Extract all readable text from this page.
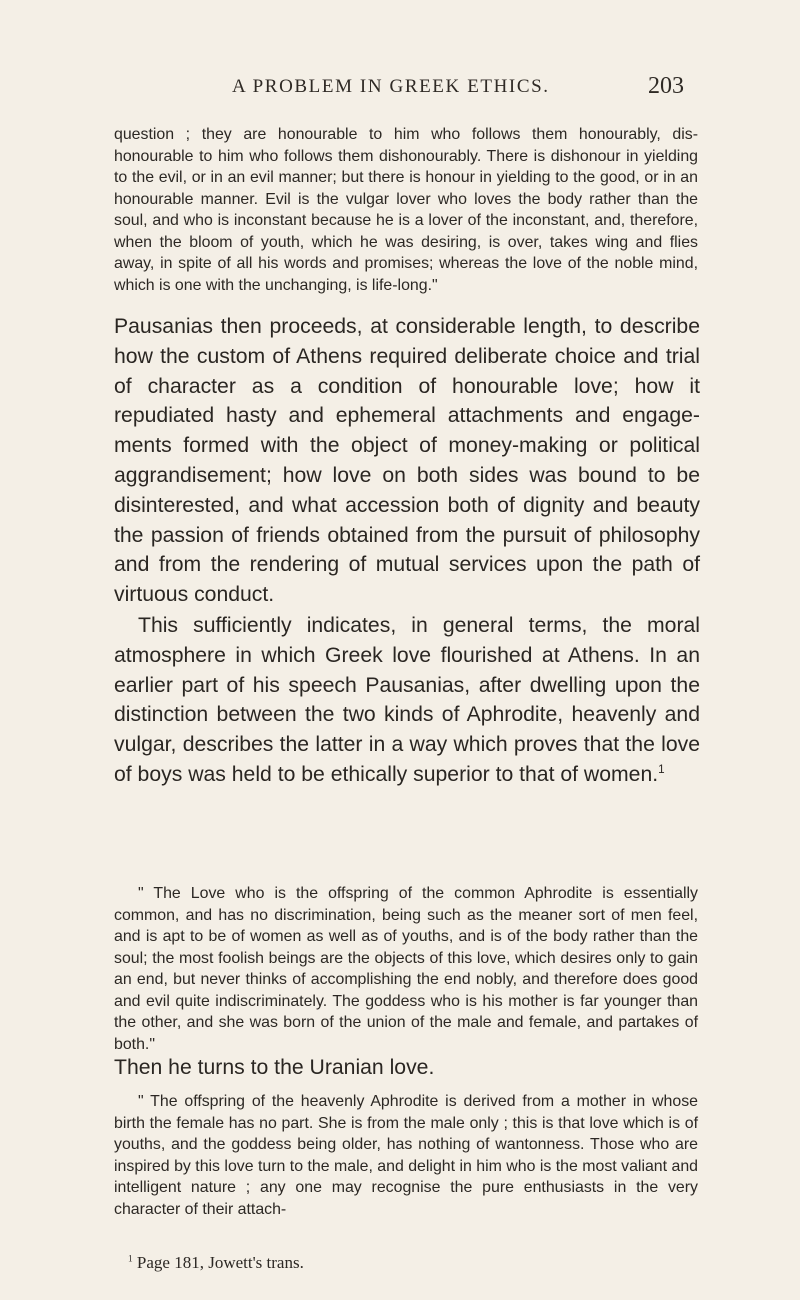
A PROBLEM IN GREEK ETHICS.	203

question ; they are honourable to him who follows them honourably, dis-honourable to him who follows them dishonourably. There is dishonour in yielding to the evil, or in an evil manner; but there is honour in yielding to the good, or in an honourable manner. Evil is the vulgar lover who loves the body rather than the soul, and who is inconstant because he is a lover of the inconstant, and, therefore, when the bloom of youth, which he was desiring, is over, takes wing and flies away, in spite of all his words and promises; whereas the love of the noble mind, which is one with the unchanging, is life-long."

Pausanias then proceeds, at considerable length, to describe how the custom of Athens required deliberate choice and trial of character as a condition of honourable love; how it repudiated hasty and ephemeral attachments and engage-ments formed with the object of money-making or political aggrandisement; how love on both sides was bound to be disinterested, and what accession both of dignity and beauty the passion of friends obtained from the pursuit of philosophy and from the rendering of mutual services upon the path of virtuous conduct.

This sufficiently indicates, in general terms, the moral atmosphere in which Greek love flourished at Athens. In an earlier part of his speech Pausanias, after dwelling upon the distinction between the two kinds of Aphrodite, heavenly and vulgar, describes the latter in a way which proves that the love of boys was held to be ethically superior to that of women.$^1$

" The Love who is the offspring of the common Aphrodite is essentially common, and has no discrimination, being such as the meaner sort of men feel, and is apt to be of women as well as of youths, and is of the body rather than the soul; the most foolish beings are the objects of this love, which desires only to gain an end, but never thinks of accomplishing the end nobly, and therefore does good and evil quite indiscriminately. The goddess who is his mother is far younger than the other, and she was born of the union of the male and female, and partakes of both."

Then he turns to the Uranian love.

" The offspring of the heavenly Aphrodite is derived from a mother in whose birth the female has no part. She is from the male only ; this is that love which is of youths, and the goddess being older, has nothing of wantonness. Those who are inspired by this love turn to the male, and delight in him who is the most valiant and intelligent nature ; any one may recognise the pure enthusiasts in the very character of their attach-

$^1$ Page 181, Jowett's trans.
